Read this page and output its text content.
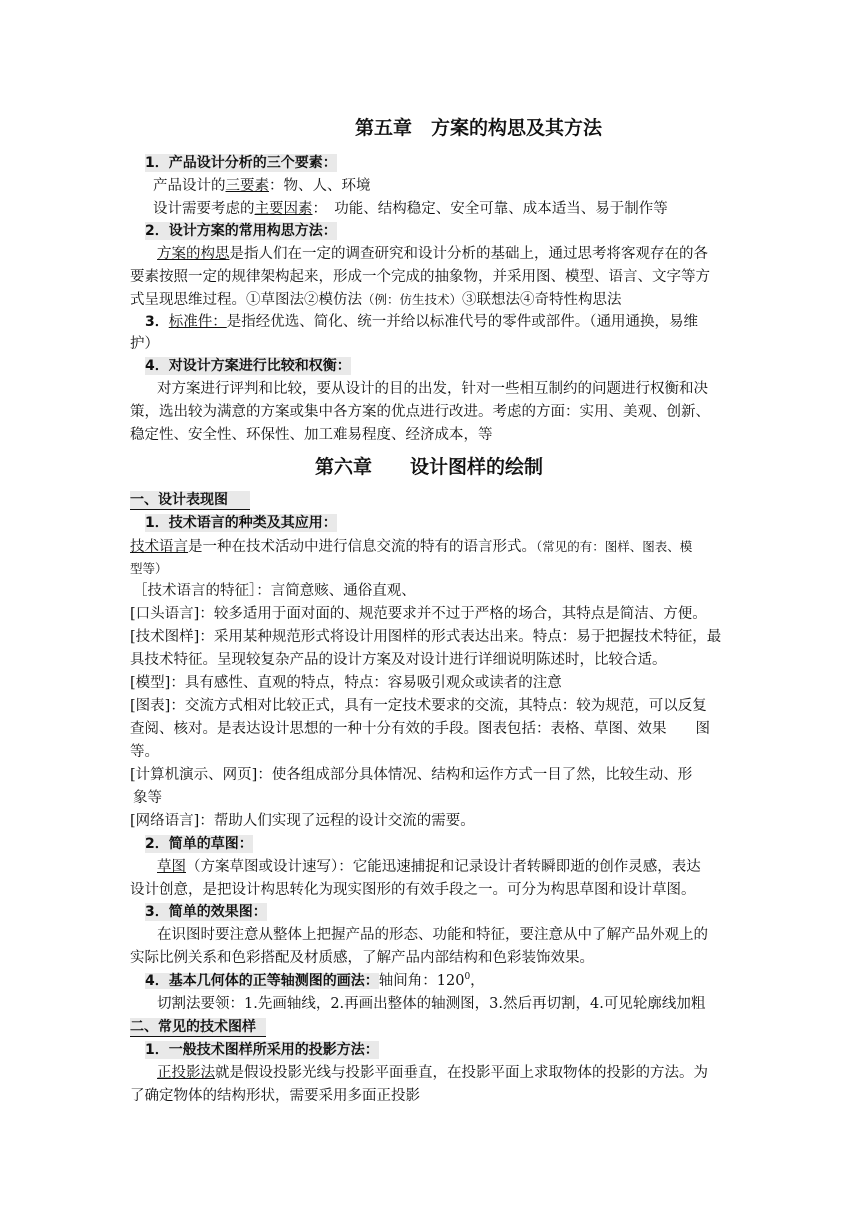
第五章　方案的构思及其方法
1．产品设计分析的三个要素：
产品设计的三要素：物、人、环境
设计需要考虑的主要因素：　功能、结构稳定、安全可靠、成本适当、易于制作等
2．设计方案的常用构思方法：
方案的构思是指人们在一定的调查研究和设计分析的基础上，通过思考将客观存在的各
要素按照一定的规律架构起来，形成一个完成的抽象物，并采用图、模型、语言、文字等方
式呈现思维过程。①草图法②模仿法（例：仿生技术）③联想法④奇特性构思法
3．标准件：是指经优选、简化、统一并给以标准代号的零件或部件。（通用通换，易维
护）
4．对设计方案进行比较和权衡：
对方案进行评判和比较，要从设计的目的出发，针对一些相互制约的问题进行权衡和决
策，选出较为满意的方案或集中各方案的优点进行改进。考虑的方面：实用、美观、创新、
稳定性、安全性、环保性、加工难易程度、经济成本，等
第六章　　设计图样的绘制
一、设计表现图
1．技术语言的种类及其应用：
技术语言是一种在技术活动中进行信息交流的特有的语言形式。（常见的有：图样、图表、模
型等）
［技术语言的特征］：言简意赅、通俗直观、
[口头语言]：较多适用于面对面的、规范要求并不过于严格的场合，其特点是简洁、方便。
[技术图样]：采用某种规范形式将设计用图样的形式表达出来。特点：易于把握技术特征，最
具技术特征。呈现较复杂产品的设计方案及对设计进行详细说明陈述时，比较合适。
[模型]：具有感性、直观的特点，特点：容易吸引观众或读者的注意
[图表]：交流方式相对比较正式，具有一定技术要求的交流，其特点：较为规范，可以反复
查阅、核对。是表达设计思想的一种十分有效的手段。图表包括：表格、草图、效果　　图
等。
[计算机演示、网页]：使各组成部分具体情况、结构和运作方式一目了然，比较生动、形
象等
[网络语言]：帮助人们实现了远程的设计交流的需要。
2．简单的草图：
草图（方案草图或设计速写）：它能迅速捕捉和记录设计者转瞬即逝的创作灵感，表达
设计创意，是把设计构思转化为现实图形的有效手段之一。可分为构思草图和设计草图。
3．简单的效果图：
在识图时要注意从整体上把握产品的形态、功能和特征，要注意从中了解产品外观上的
实际比例关系和色彩搭配及材质感，了解产品内部结构和色彩装饰效果。
4．基本几何体的正等轴测图的画法：轴间角：$120^0$，
切割法要领：1.先画轴线，2.再画出整体的轴测图，3.然后再切割，4.可见轮廓线加粗
二、常见的技术图样
1．一般技术图样所采用的投影方法：
正投影法就是假设投影光线与投影平面垂直，在投影平面上求取物体的投影的方法。为
了确定物体的结构形状，需要采用多面正投影
